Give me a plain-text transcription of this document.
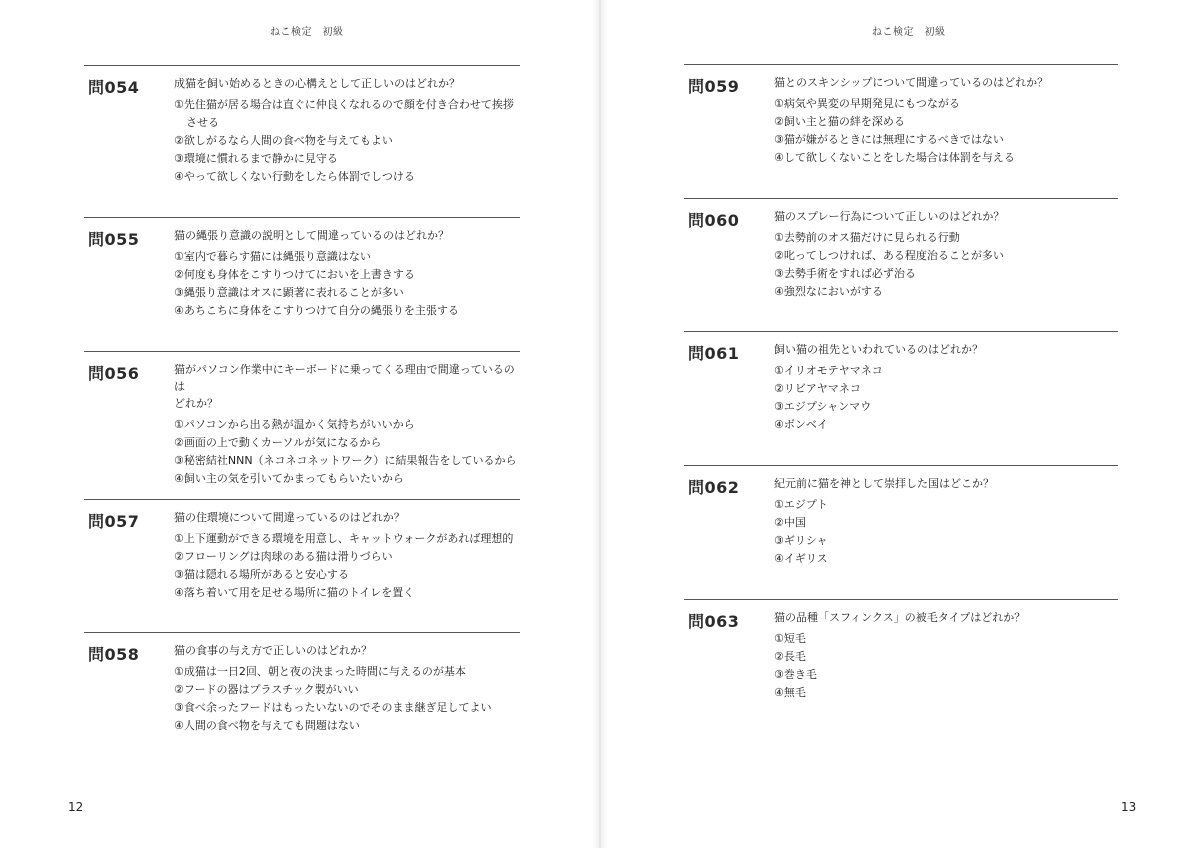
ねこ検定　初級
問054	成猫を飼い始めるときの心構えとして正しいのはどれか？
①先住猫が居る場合は直ぐに仲良くなれるので顔を付き合わせて挨拶
させる
②欲しがるなら人間の食べ物を与えてもよい
③環境に慣れるまで静かに見守る
④やって欲しくない行動をしたら体罰でしつける
問055	猫の縄張り意識の説明として間違っているのはどれか？
①室内で暮らす猫には縄張り意識はない
②何度も身体をこすりつけてにおいを上書きする
③縄張り意識はオスに顕著に表れることが多い
④あちこちに身体をこすりつけて自分の縄張りを主張する
問056	猫がパソコン作業中にキーボードに乗ってくる理由で間違っているのは
どれか？
①パソコンから出る熱が温かく気持ちがいいから
②画面の上で動くカーソルが気になるから
③秘密結社NNN（ネコネコネットワーク）に結果報告をしているから
④飼い主の気を引いてかまってもらいたいから
問057	猫の住環境について間違っているのはどれか？
①上下運動ができる環境を用意し、キャットウォークがあれば理想的
②フローリングは肉球のある猫は滑りづらい
③猫は隠れる場所があると安心する
④落ち着いて用を足せる場所に猫のトイレを置く
問058	猫の食事の与え方で正しいのはどれか？
①成猫は一日2回、朝と夜の決まった時間に与えるのが基本
②フードの器はプラスチック製がいい
③食べ余ったフードはもったいないのでそのまま継ぎ足してよい
④人間の食べ物を与えても問題はない
12
ねこ検定　初級
問059	猫とのスキンシップについて間違っているのはどれか？
①病気や異変の早期発見にもつながる
②飼い主と猫の絆を深める
③猫が嫌がるときには無理にするべきではない
④して欲しくないことをした場合は体罰を与える
問060	猫のスプレー行為について正しいのはどれか？
①去勢前のオス猫だけに見られる行動
②叱ってしつければ、ある程度治ることが多い
③去勢手術をすれば必ず治る
④強烈なにおいがする
問061	飼い猫の祖先といわれているのはどれか？
①イリオモテヤマネコ
②リビアヤマネコ
③エジプシャンマウ
④ボンベイ
問062	紀元前に猫を神として崇拝した国はどこか？
①エジプト
②中国
③ギリシャ
④イギリス
問063	猫の品種「スフィンクス」の被毛タイプはどれか？
①短毛
②長毛
③巻き毛
④無毛
13
